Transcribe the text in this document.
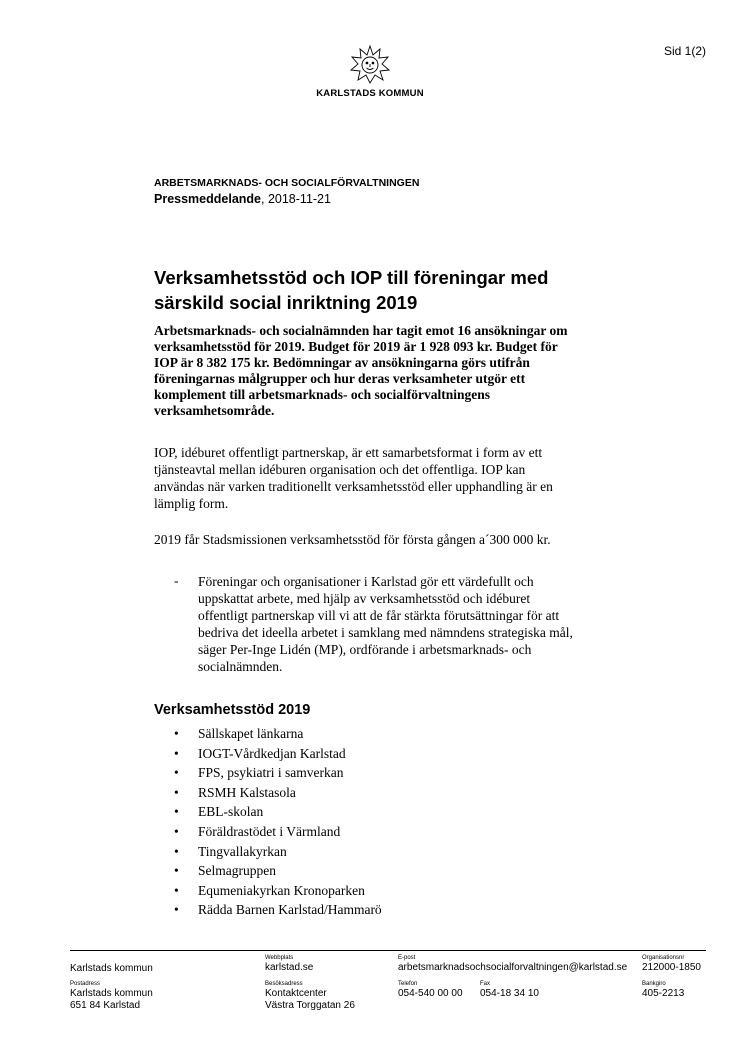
Sid 1(2)
KARLSTADS KOMMUN
ARBETSMARKNADS- OCH SOCIALFÖRVALTNINGEN
Pressmeddelande, 2018-11-21
Verksamhetsstöd och IOP till föreningar med
särskild social inriktning 2019
Arbetsmarknads- och socialnämnden har tagit emot 16 ansökningar om
verksamhetsstöd för 2019. Budget för 2019 är 1 928 093 kr. Budget för
IOP är 8 382 175 kr. Bedömningar av ansökningarna görs utifrån
föreningarnas målgrupper och hur deras verksamheter utgör ett
komplement till arbetsmarknads- och socialförvaltningens
verksamhetsområde.
IOP, idéburet offentligt partnerskap, är ett samarbetsformat i form av ett
tjänsteavtal mellan idéburen organisation och det offentliga. IOP kan
användas när varken traditionellt verksamhetsstöd eller upphandling är en
lämplig form.
2019 får Stadsmissionen verksamhetsstöd för första gången a´300 000 kr.
- Föreningar och organisationer i Karlstad gör ett värdefullt och
uppskattat arbete, med hjälp av verksamhetsstöd och idéburet
offentligt partnerskap vill vi att de får stärkta förutsättningar för att
bedriva det ideella arbetet i samklang med nämndens strategiska mål,
säger Per-Inge Lidén (MP), ordförande i arbetsmarknads- och
socialnämnden.
Verksamhetsstöd 2019
• Sällskapet länkarna
• IOGT-Vårdkedjan Karlstad
• FPS, psykiatri i samverkan
• RSMH Kalstasola
• EBL-skolan
• Föräldrastödet i Värmland
• Tingvallakyrkan
• Selmagruppen
• Equmeniakyrkan Kronoparken
• Rädda Barnen Karlstad/Hammarö
Karlstads kommun
Webbplats
karlstad.se
E-post
arbetsmarknadsochsocialforvaltningen@karlstad.se
Organisationsnr
212000-1850
Postadress
Karlstads kommun
651 84 Karlstad
Besöksadress
Kontaktcenter
Västra Torggatan 26
Telefon
054-540 00 00
Fax
054-18 34 10
Bankgiro
405-2213
